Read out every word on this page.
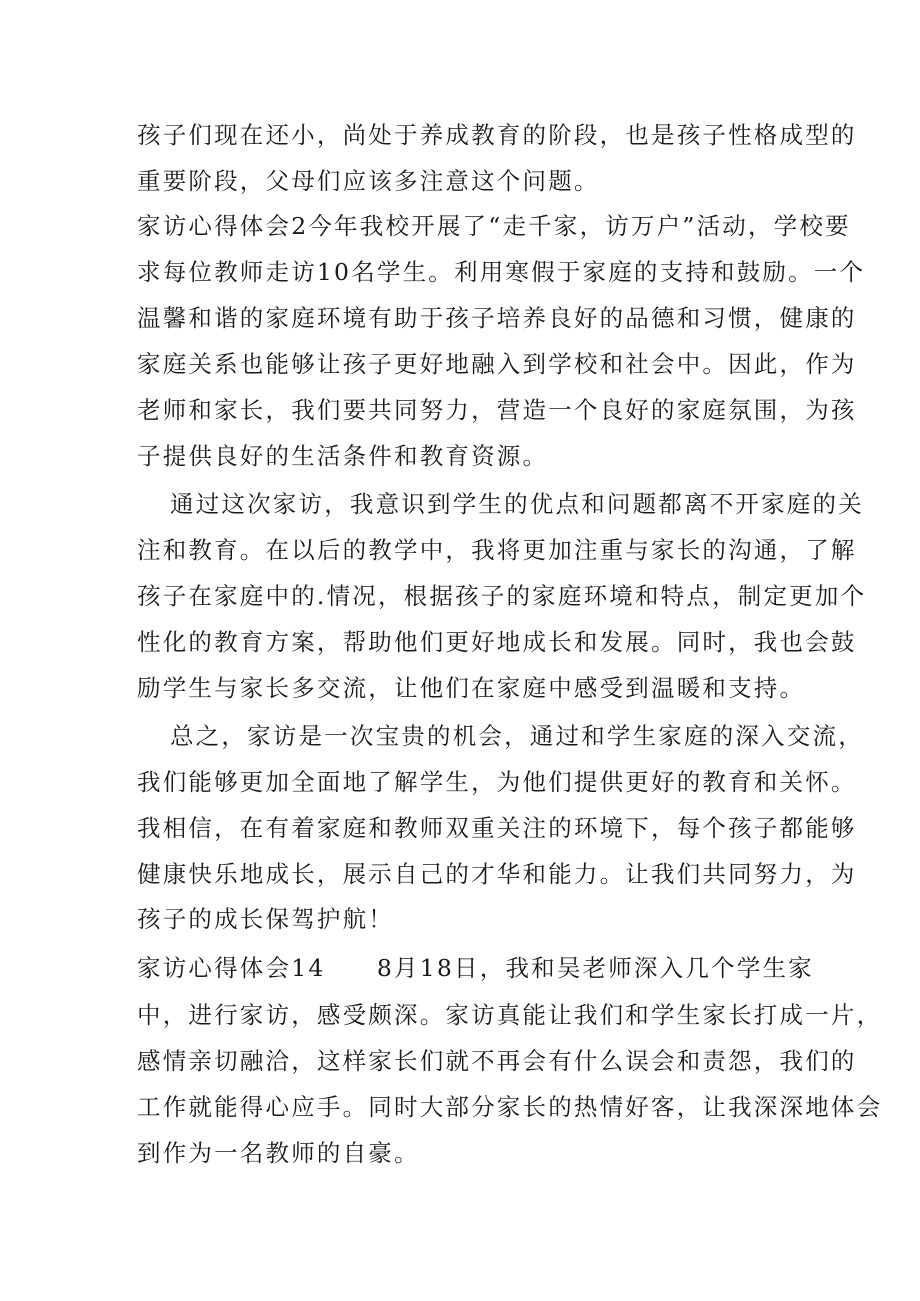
孩子们现在还小，尚处于养成教育的阶段，也是孩子性格成型的
重要阶段，父母们应该多注意这个问题。
家访心得体会2今年我校开展了“走千家，访万户”活动，学校要
求每位教师走访10名学生。利用寒假于家庭的支持和鼓励。一个
温馨和谐的家庭环境有助于孩子培养良好的品德和习惯，健康的
家庭关系也能够让孩子更好地融入到学校和社会中。因此，作为
老师和家长，我们要共同努力，营造一个良好的家庭氛围，为孩
子提供良好的生活条件和教育资源。
通过这次家访，我意识到学生的优点和问题都离不开家庭的关
注和教育。在以后的教学中，我将更加注重与家长的沟通，了解
孩子在家庭中的.情况，根据孩子的家庭环境和特点，制定更加个
性化的教育方案，帮助他们更好地成长和发展。同时，我也会鼓
励学生与家长多交流，让他们在家庭中感受到温暖和支持。
总之，家访是一次宝贵的机会，通过和学生家庭的深入交流，
我们能够更加全面地了解学生，为他们提供更好的教育和关怀。
我相信，在有着家庭和教师双重关注的环境下，每个孩子都能够
健康快乐地成长，展示自己的才华和能力。让我们共同努力，为
孩子的成长保驾护航！
家访心得体会14　　8月18日，我和吴老师深入几个学生家
中，进行家访，感受颇深。家访真能让我们和学生家长打成一片，
感情亲切融洽，这样家长们就不再会有什么误会和责怨，我们的
工作就能得心应手。同时大部分家长的热情好客，让我深深地体会
到作为一名教师的自豪。
